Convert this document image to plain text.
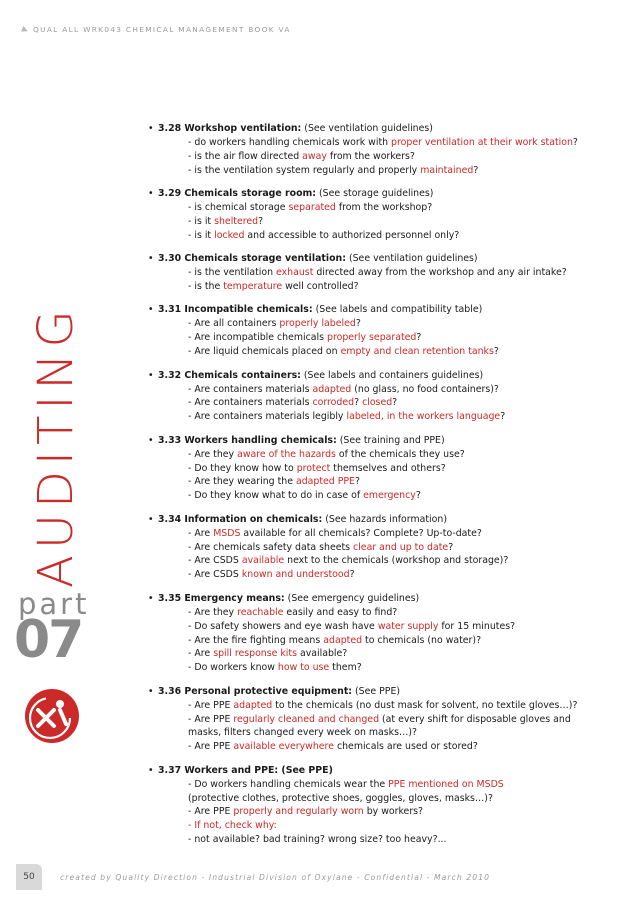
QUAL ALL WRK043 CHEMICAL MANAGEMENT BOOK VA
AUDITING
part
07
• 3.28 Workshop ventilation: (See ventilation guidelines)
- do workers handling chemicals work with proper ventilation at their work station?
- is the air flow directed away from the workers?
- is the ventilation system regularly and properly maintained?
• 3.29 Chemicals storage room: (See storage guidelines)
- is chemical storage separated from the workshop?
- is it sheltered?
- is it locked and accessible to authorized personnel only?
• 3.30 Chemicals storage ventilation: (See ventilation guidelines)
- is the ventilation exhaust directed away from the workshop and any air intake?
- is the temperature well controlled?
• 3.31 Incompatible chemicals: (See labels and compatibility table)
- Are all containers properly labeled?
- Are incompatible chemicals properly separated?
- Are liquid chemicals placed on empty and clean retention tanks?
• 3.32 Chemicals containers: (See labels and containers guidelines)
- Are containers materials adapted (no glass, no food containers)?
- Are containers materials corroded? closed?
- Are containers materials legibly labeled, in the workers language?
• 3.33 Workers handling chemicals: (See training and PPE)
- Are they aware of the hazards of the chemicals they use?
- Do they know how to protect themselves and others?
- Are they wearing the adapted PPE?
- Do they know what to do in case of emergency?
• 3.34 Information on chemicals: (See hazards information)
- Are MSDS available for all chemicals? Complete? Up-to-date?
- Are chemicals safety data sheets clear and up to date?
- Are CSDS available next to the chemicals (workshop and storage)?
- Are CSDS known and understood?
• 3.35 Emergency means: (See emergency guidelines)
- Are they reachable easily and easy to find?
- Do safety showers and eye wash have water supply for 15 minutes?
- Are the fire fighting means adapted to chemicals (no water)?
- Are spill response kits available?
- Do workers know how to use them?
• 3.36 Personal protective equipment: (See PPE)
- Are PPE adapted to the chemicals (no dust mask for solvent, no textile gloves…)?
- Are PPE regularly cleaned and changed (at every shift for disposable gloves and
masks, filters changed every week on masks…)?
- Are PPE available everywhere chemicals are used or stored?
• 3.37 Workers and PPE: (See PPE)
- Do workers handling chemicals wear the PPE mentioned on MSDS
(protective clothes, protective shoes, goggles, gloves, masks…)?
- Are PPE properly and regularly worn by workers?
- If not, check why:
- not available? bad training? wrong size? too heavy?...
50	created by Quality Direction - Industrial Division of Oxylane - Confidential - March 2010
